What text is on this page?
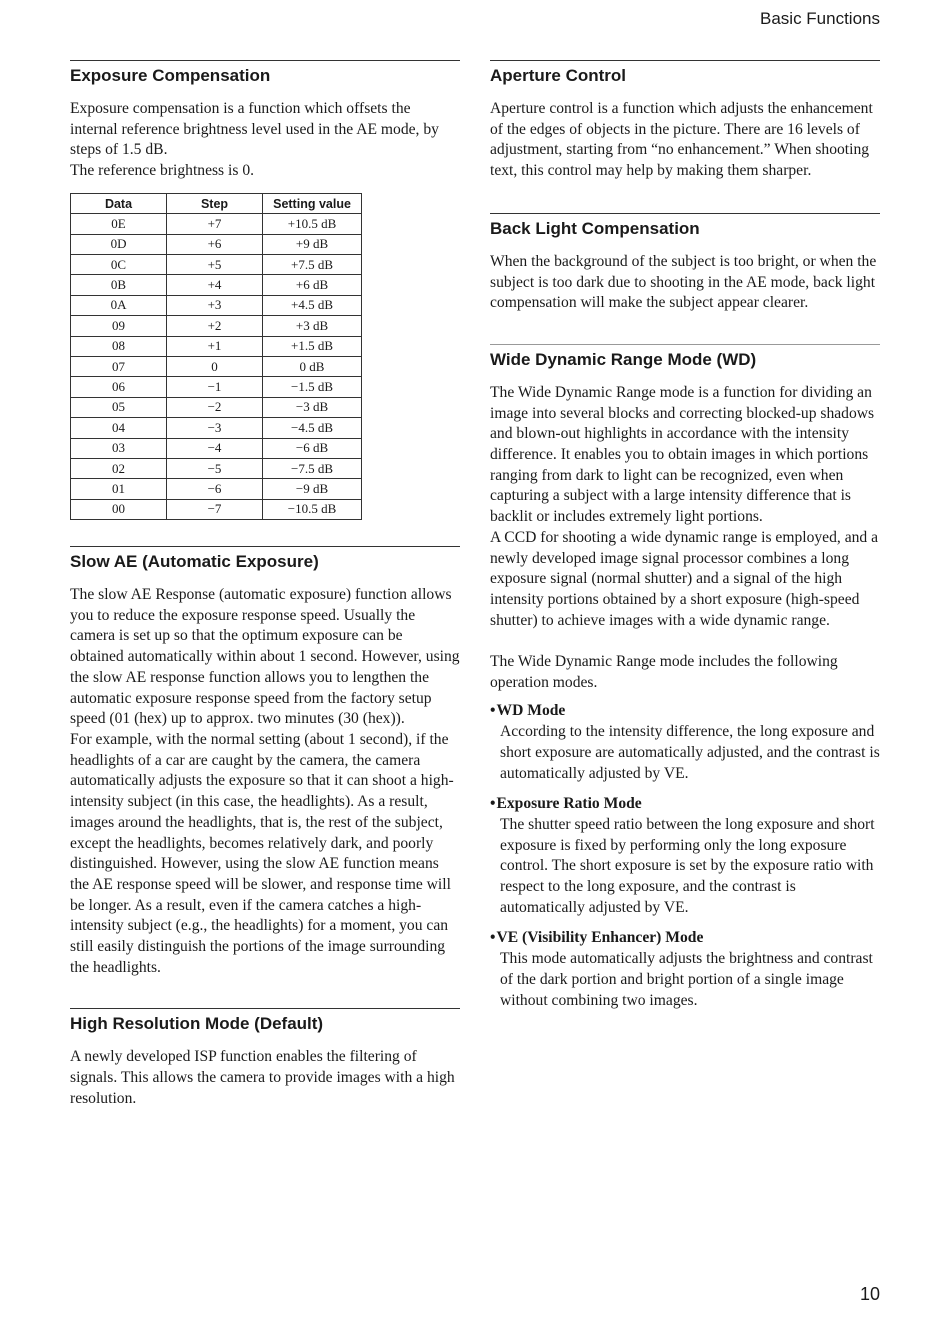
Basic Functions
Exposure Compensation

Exposure compensation is a function which offsets the internal reference brightness level used in the AE mode, by steps of 1.5 dB.

The reference brightness is 0.

Data	Step	Setting value
0E	+7	+10.5 dB
0D	+6	+9 dB
0C	+5	+7.5 dB
0B	+4	+6 dB
0A	+3	+4.5 dB
09	+2	+3 dB
08	+1	+1.5 dB
07	0	0 dB
06	−1	−1.5 dB
05	−2	−3 dB
04	−3	−4.5 dB
03	−4	−6 dB
02	−5	−7.5 dB
01	−6	−9 dB
00	−7	−10.5 dB
Slow AE (Automatic Exposure)

The slow AE Response (automatic exposure) function allows you to reduce the exposure response speed. Usually the camera is set up so that the optimum exposure can be obtained automatically within about 1 second. However, using the slow AE response function allows you to lengthen the automatic exposure response speed from the factory setup speed (01 (hex) up to approx. two minutes (30 (hex)).

For example, with the normal setting (about 1 second), if the headlights of a car are caught by the camera, the camera automatically adjusts the exposure so that it can shoot a high-intensity subject (in this case, the headlights). As a result, images around the headlights, that is, the rest of the subject, except the headlights, becomes relatively dark, and poorly distinguished. However, using the slow AE function means the AE response speed will be slower, and response time will be longer. As a result, even if the camera catches a high-intensity subject (e.g., the headlights) for a moment, you can still easily distinguish the portions of the image surrounding the headlights.

High Resolution Mode (Default)

A newly developed ISP function enables the filtering of signals. This allows the camera to provide images with a high resolution.

Aperture Control

Aperture control is a function which adjusts the enhancement of the edges of objects in the picture. There are 16 levels of adjustment, starting from “no enhancement.” When shooting text, this control may help by making them sharper.

Back Light Compensation

When the background of the subject is too bright, or when the subject is too dark due to shooting in the AE mode, back light compensation will make the subject appear clearer.

Wide Dynamic Range Mode (WD)

The Wide Dynamic Range mode is a function for dividing an image into several blocks and correcting blocked-up shadows and blown-out highlights in accordance with the intensity difference. It enables you to obtain images in which portions ranging from dark to light can be recognized, even when capturing a subject with a large intensity difference that is backlit or includes extremely light portions.

A CCD for shooting a wide dynamic range is employed, and a newly developed image signal processor combines a long exposure signal (normal shutter) and a signal of the high intensity portions obtained by a short exposure (high-speed shutter) to achieve images with a wide dynamic range.

The Wide Dynamic Range mode includes the following operation modes.

•WD Mode
According to the intensity difference, the long exposure and short exposure are automatically adjusted, and the contrast is automatically adjusted by VE.
•Exposure Ratio Mode
The shutter speed ratio between the long exposure and short exposure is fixed by performing only the long exposure control. The short exposure is set by the exposure ratio with respect to the long exposure, and the contrast is automatically adjusted by VE.
•VE (Visibility Enhancer) Mode
This mode automatically adjusts the brightness and contrast of the dark portion and bright portion of a single image without combining two images.
10
